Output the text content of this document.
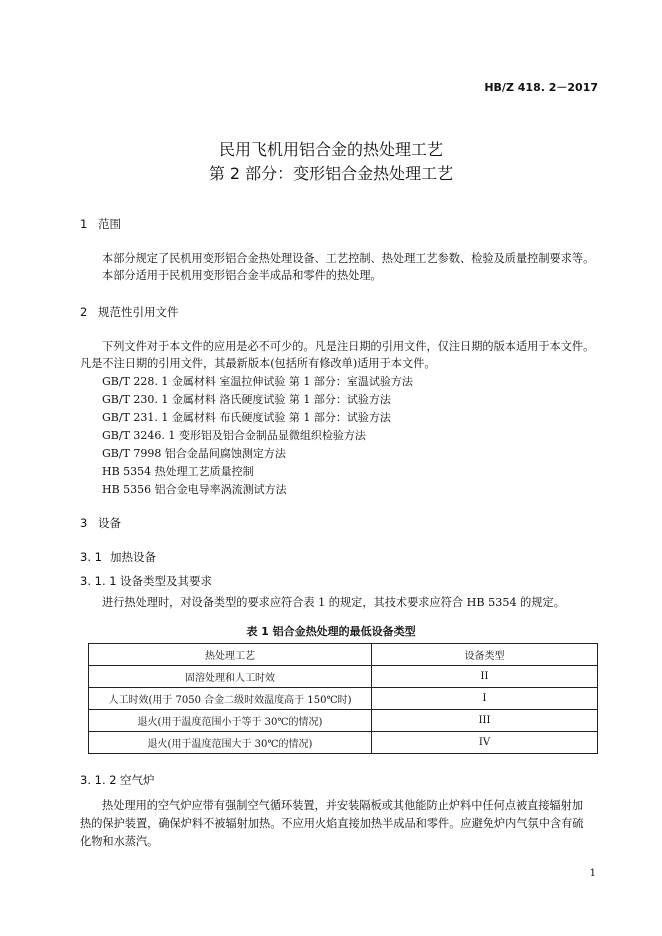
HB/Z 418. 2－2017
民用飞机用铝合金的热处理工艺
第 2 部分：变形铝合金热处理工艺
1 范围
本部分规定了民机用变形铝合金热处理设备、工艺控制、热处理工艺参数、检验及质量控制要求等。
本部分适用于民机用变形铝合金半成品和零件的热处理。
2 规范性引用文件
下列文件对于本文件的应用是必不可少的。凡是注日期的引用文件，仅注日期的版本适用于本文件。
凡是不注日期的引用文件，其最新版本(包括所有修改单)适用于本文件。
GB/T 228. 1 金属材料 室温拉伸试验 第 1 部分：室温试验方法
GB/T 230. 1 金属材料 洛氏硬度试验 第 1 部分：试验方法
GB/T 231. 1 金属材料 布氏硬度试验 第 1 部分：试验方法
GB/T 3246. 1 变形铝及铝合金制品显微组织检验方法
GB/T 7998 铝合金晶间腐蚀测定方法
HB 5354 热处理工艺质量控制
HB 5356 铝合金电导率涡流测试方法
3 设备
3. 1 加热设备
3. 1. 1 设备类型及其要求
进行热处理时，对设备类型的要求应符合表 1 的规定，其技术要求应符合 HB 5354 的规定。
表 1 铝合金热处理的最低设备类型
热处理工艺	设备类型
固溶处理和人工时效	II
人工时效(用于 7050 合金二级时效温度高于 150℃时)	I
退火(用于温度范围小于等于 30℃的情况)	III
退火(用于温度范围大于 30℃的情况)	IV
3. 1. 2 空气炉
热处理用的空气炉应带有强制空气循环装置，并安装隔板或其他能防止炉料中任何点被直接辐射加
热的保护装置，确保炉料不被辐射加热。不应用火焰直接加热半成品和零件。应避免炉内气氛中含有硫
化物和水蒸汽。
1
